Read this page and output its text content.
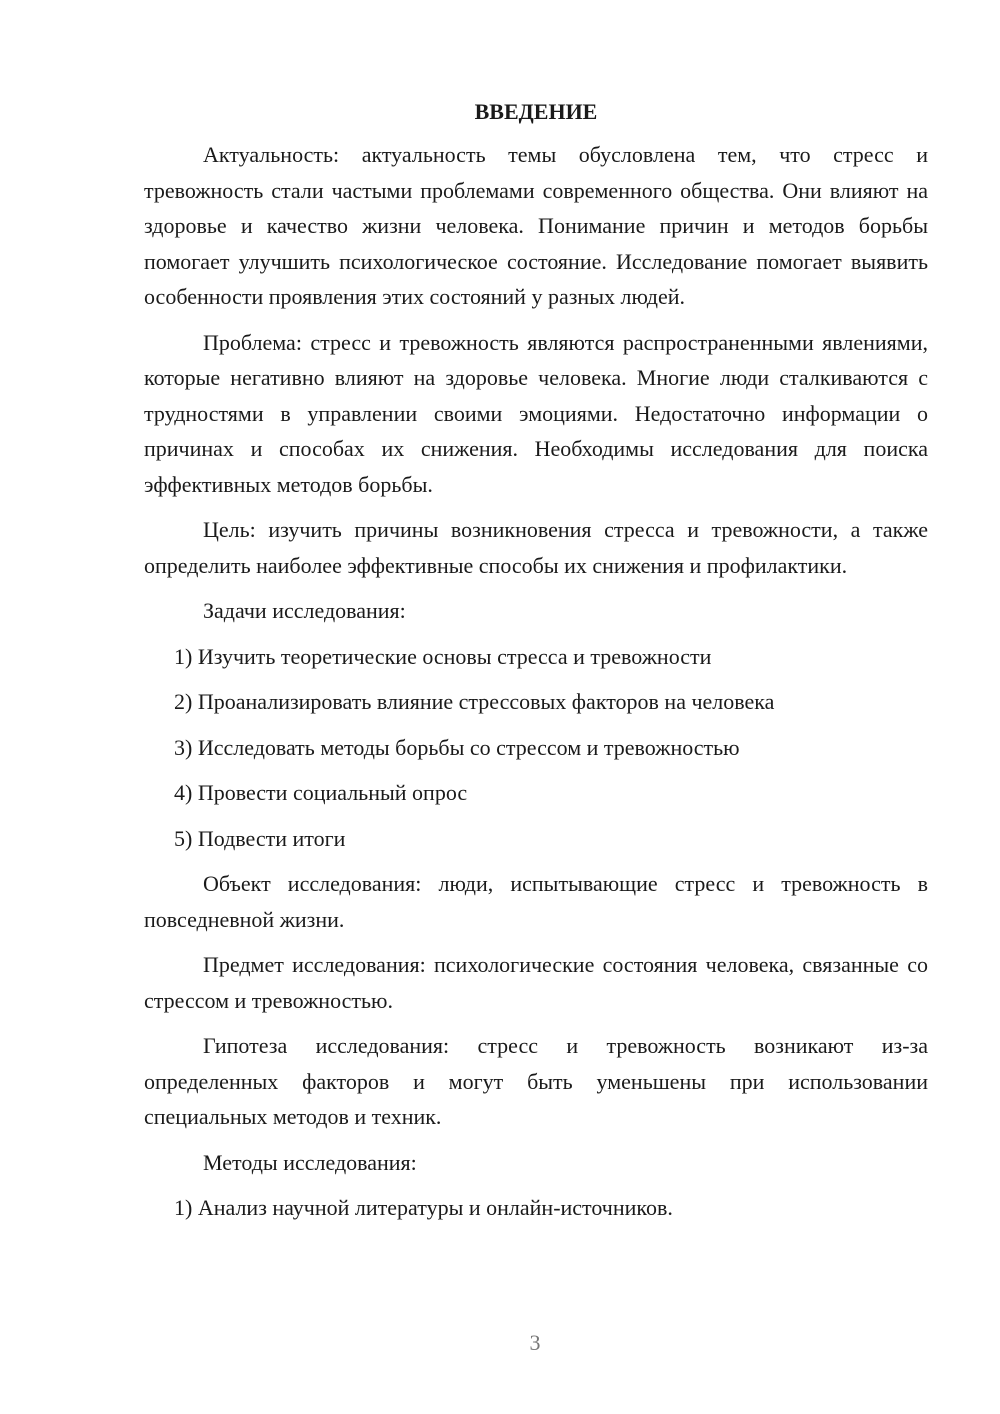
ВВЕДЕНИЕ

Актуальность: актуальность темы обусловлена тем, что стресс и тревожность стали частыми проблемами современного общества. Они влияют на здоровье и качество жизни человека. Понимание причин и методов борьбы помогает улучшить психологическое состояние. Исследование помогает выявить особенности проявления этих состояний у разных людей.

Проблема: стресс и тревожность являются распространенными явлениями, которые негативно влияют на здоровье человека. Многие люди сталкиваются с трудностями в управлении своими эмоциями. Недостаточно информации о причинах и способах их снижения. Необходимы исследования для поиска эффективных методов борьбы.

Цель: изучить причины возникновения стресса и тревожности, а также определить наиболее эффективные способы их снижения и профилактики.

Задачи исследования:

1) Изучить теоретические основы стресса и тревожности
2) Проанализировать влияние стрессовых факторов на человека
3) Исследовать методы борьбы со стрессом и тревожностью
4) Провести социальный опрос
5) Подвести итоги

Объект исследования: люди, испытывающие стресс и тревожность в повседневной жизни.

Предмет исследования: психологические состояния человека, связанные со стрессом и тревожностью.

Гипотеза исследования: стресс и тревожность возникают из-за определенных факторов и могут быть уменьшены при использовании специальных методов и техник.

Методы исследования:

1) Анализ научной литературы и онлайн-источников.
3
